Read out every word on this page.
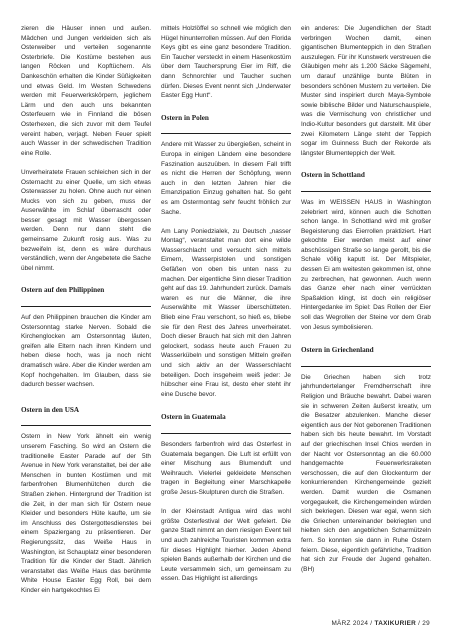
zieren die Häuser innen und außen. Mädchen und Jungen verkleiden sich als Osterweiber und verteilen sogenannte Osterbriefe. Die Kostüme bestehen aus langen Röcken und Kopftüchern. Als Dankeschön erhalten die Kinder Süßigkeiten und etwas Geld. Im Westen Schwedens werden mit Feuerwerkskörpern, jeglichem Lärm und den auch uns bekannten Osterfeuern wie in Finnland die bösen Osterhexen, die sich zuvor mit dem Teufel vereint haben, verjagt. Neben Feuer spielt auch Wasser in der schwedischen Tradition eine Rolle.

Unverheiratete Frauen schleichen sich in der Osternacht zu einer Quelle, um sich etwas Osterwasser zu holen. Ohne auch nur einen Mucks von sich zu geben, muss der Auserwählte im Schlaf überrascht oder besser gesagt mit Wasser übergossen werden. Denn nur dann steht die gemeinsame Zukunft rosig aus. Was zu bezweifeln ist, denn es wäre durchaus verständlich, wenn der Angebetete die Sache übel nimmt.

Ostern auf den Philippinen

Auf den Philippinen brauchen die Kinder am Ostersonntag starke Nerven. Sobald die Kirchenglocken am Ostersonntag läuten, greifen alle Eltern nach ihren Kindern und heben diese hoch, was ja noch nicht dramatisch wäre. Aber die Kinder werden am Kopf hochgehalten. Im Glauben, dass sie dadurch besser wachsen.

Ostern in den USA

Ostern in New York ähnelt ein wenig unserem Fasching. So wird an Ostern die traditionelle Easter Parade auf der 5th Avenue in New York veranstaltet, bei der alle Menschen in bunten Kostümen und mit farbenfrohen Blumenhütchen durch die Straßen ziehen. Hintergrund der Tradition ist die Zeit, in der man sich für Ostern neue Kleider und besonders Hüte kaufte, um sie im Anschluss des Ostergottesdienstes bei einem Spaziergang zu präsentieren. Der Regierungssitz, das Weiße Haus in Washington, ist Schauplatz einer besonderen Tradition für die Kinder der Stadt. Jährlich veranstaltet das Weiße Haus das berühmte White House Easter Egg Roll, bei dem Kinder ein hartgekochtes Ei

mittels Holzlöffel so schnell wie möglich den Hügel hinunterrollen müssen. Auf den Florida Keys gibt es eine ganz besondere Tradition. Ein Taucher versteckt in einem Hasenkostüm über dem Tauchersprung Eier im Riff, die dann Schnorchler und Taucher suchen dürfen. Dieses Event nennt sich „Underwater Easter Egg Hunt“.

Ostern in Polen

Andere mit Wasser zu übergießen, scheint in Europa in einigen Ländern eine besondere Faszination auszuüben. In diesem Fall trifft es nicht die Herren der Schöpfung, wenn auch in den letzten Jahren hier die Emanzipation Einzug gehalten hat. So geht es am Ostermontag sehr feucht fröhlich zur Sache.

Am Lany Poniedzialek, zu Deutsch „nasser Montag“, veranstaltet man dort eine wilde Wasserschlacht und versucht sich mittels Eimern, Wasserpistolen und sonstigen Gefäßen von oben bis unten nass zu machen. Der eigentliche Sinn dieser Tradition geht auf das 19. Jahrhundert zurück. Damals waren es nur die Männer, die ihre Auserwählte mit Wasser überschütteten. Blieb eine Frau verschont, so hieß es, bliebe sie für den Rest des Jahres unverheiratet. Doch dieser Brauch hat sich mit den Jahren gelockert, sodass heute auch Frauen zu Wasserkübeln und sonstigen Mitteln greifen und sich aktiv an der Wasserschlacht beteiligen. Doch insgeheim weiß jeder: Je hübscher eine Frau ist, desto eher steht ihr eine Dusche bevor.

Ostern in Guatemala

Besonders farbenfroh wird das Osterfest in Guatemala begangen. Die Luft ist erfüllt von einer Mischung aus Blumenduft und Weihrauch. Vielerlei gekleidete Menschen tragen in Begleitung einer Marschkapelle große Jesus-Skulpturen durch die Straßen.

In der Kleinstadt Antigua wird das wohl größte Osterfestival der Welt gefeiert. Die ganze Stadt nimmt an dem riesigen Event teil und auch zahlreiche Touristen kommen extra für dieses Highlight hierher. Jeden Abend spielen Bands außerhalb der Kirchen und die Leute versammeln sich, um gemeinsam zu essen. Das Highlight ist allerdings

ein anderes: Die Jugendlichen der Stadt verbringen Wochen damit, einen gigantischen Blumenteppich in den Straßen auszulegen. Für ihr Kunstwerk verstreuen die Gläubigen mehr als 1.200 Säcke Sägemehl, um darauf unzählige bunte Blüten in besonders schönen Mustern zu verteilen. Die Muster sind inspiriert durch Maya-Symbole sowie biblische Bilder und Naturschauspiele, was die Vermischung von christlicher und Indio-Kultur besonders gut darstellt. Mit über zwei Kilometern Länge steht der Teppich sogar im Guinness Buch der Rekorde als längster Blumenteppich der Welt.

Ostern in Schottland

Was im WEISSEN HAUS in Washington zelebriert wird, können auch die Schotten schon lange. In Schottland wird mit großer Begeisterung das Eierrollen praktiziert. Hart gekochte Eier werden meist auf einer abschüssigen Straße so lange gerollt, bis die Schale völlig kaputt ist. Der Mitspieler, dessen Ei am weitesten gekommen ist, ohne zu zerbrechen, hat gewonnen. Auch wenn das Ganze eher nach einer verrückten Spaßaktion klingt, ist doch ein religiöser Hintergedanke im Spiel: Das Rollen der Eier soll das Wegrollen der Steine vor dem Grab von Jesus symbolisieren.

Ostern in Griechenland

Die Griechen haben sich trotz jahrhundertelanger Fremdherrschaft ihre Religion und Bräuche bewahrt. Dabei waren sie in schweren Zeiten äußerst kreativ, um die Besatzer abzulenken. Manche dieser eigentlich aus der Not geborenen Traditionen haben sich bis heute bewahrt. Im Vorstadt auf der griechischen Insel Chios werden in der Nacht vor Ostersonntag an die 60.000 handgemachte Feuerwerksraketen verschossen, die auf den Glockenturm der konkurrierenden Kirchengemeinde gezielt werden. Damit wurden die Osmanen vorgegaukelt, die Kirchengemeinden würden sich bekriegen. Diesen war egal, wenn sich die Griechen untereinander bekriegten und hielten sich den angeblichen Scharmützeln fern. So konnten sie dann in Ruhe Ostern feiern. Diese, eigentlich gefährliche, Tradition hat sich zur Freude der Jugend gehalten. (BH)

MÄRZ 2024 / TAXIKURIER / 29
